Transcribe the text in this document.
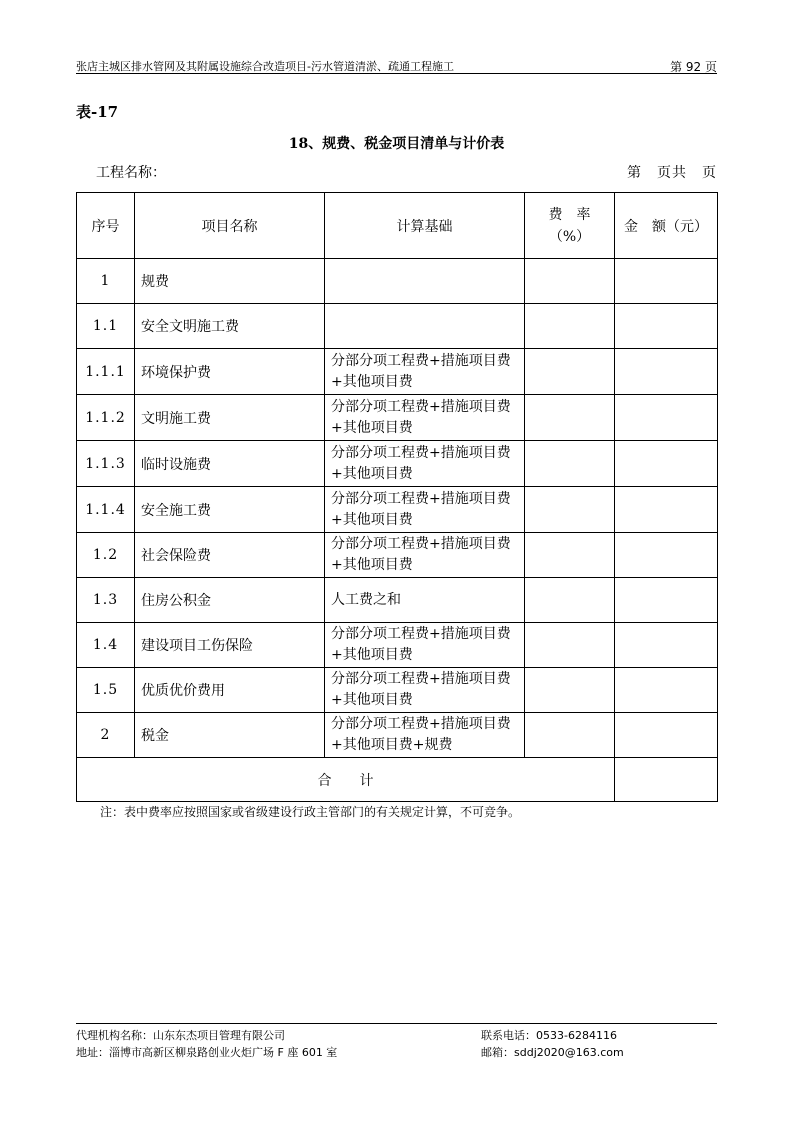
张店主城区排水管网及其附属设施综合改造项目-污水管道清淤、疏通工程施工	第 92 页
表-17
18、规费、税金项目清单与计价表
工程名称：	第　页共　页
序号	项目名称	计算基础	费　率
（%）	金　额（元）
1	规费			
1.1	安全文明施工费			
1.1.1	环境保护费	分部分项工程费+措施项目费+其他项目费		
1.1.2	文明施工费	分部分项工程费+措施项目费+其他项目费		
1.1.3	临时设施费	分部分项工程费+措施项目费+其他项目费		
1.1.4	安全施工费	分部分项工程费+措施项目费+其他项目费		
1.2	社会保险费	分部分项工程费+措施项目费+其他项目费		
1.3	住房公积金	人工费之和		
1.4	建设项目工伤保险	分部分项工程费+措施项目费+其他项目费		
1.5	优质优价费用	分部分项工程费+措施项目费+其他项目费		
2	税金	分部分项工程费+措施项目费+其他项目费+规费		
合　　计				
注：表中费率应按照国家或省级建设行政主管部门的有关规定计算，不可竞争。
代理机构名称：山东东杰项目管理有限公司	联系电话：0533-6284116
地址：淄博市高新区柳泉路创业火炬广场 F 座 601 室	邮箱：sddj2020@163.com
